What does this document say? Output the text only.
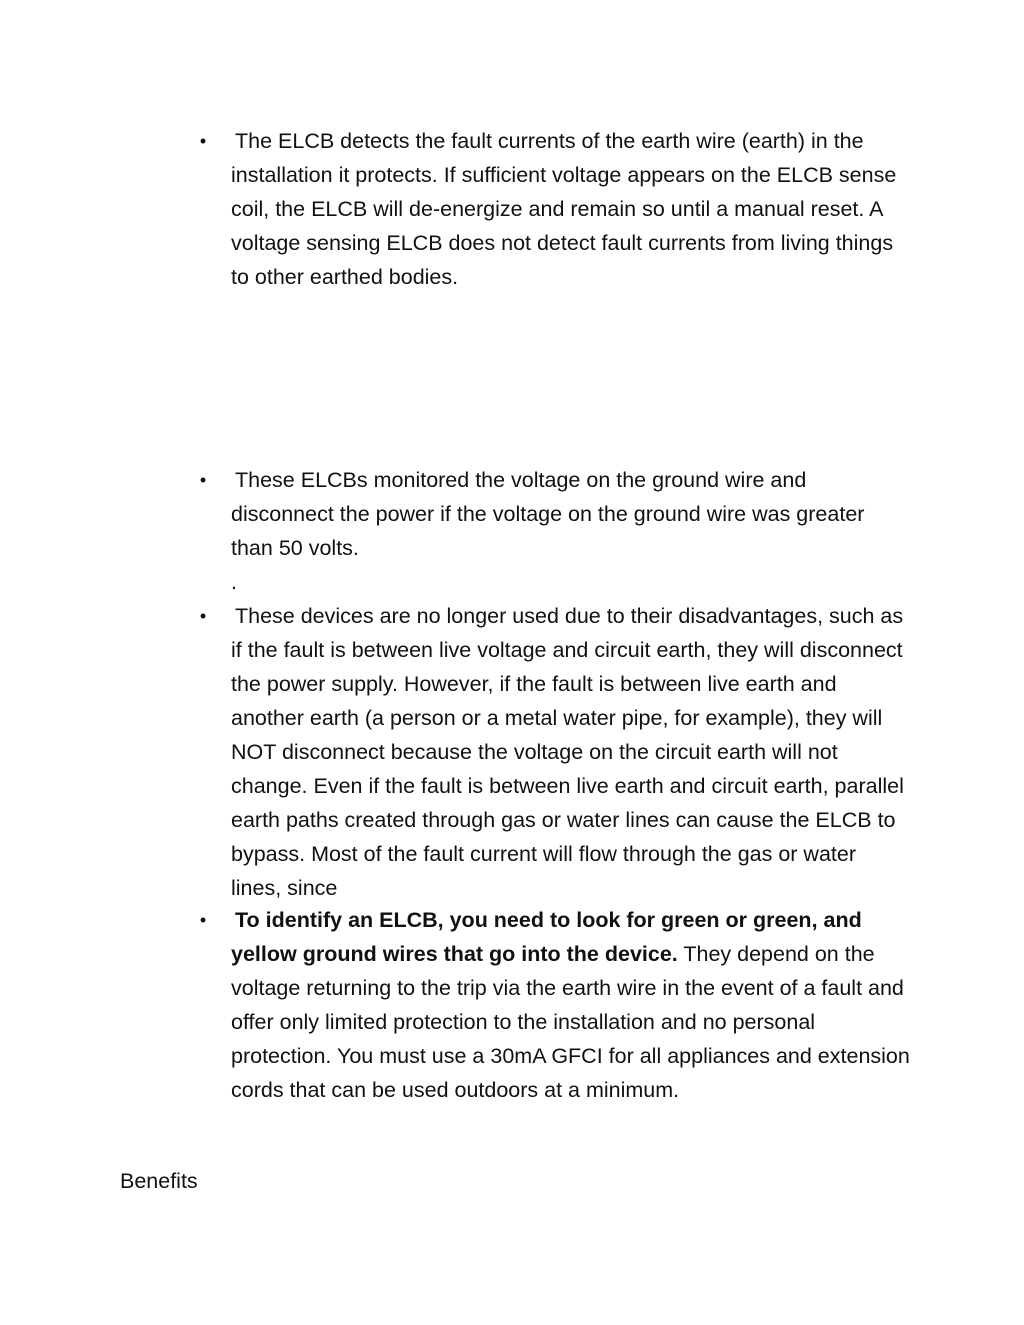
• The ELCB detects the fault currents of the earth wire (earth) in the installation it protects. If sufficient voltage appears on the ELCB sense coil, the ELCB will de-energize and remain so until a manual reset. A voltage sensing ELCB does not detect fault currents from living things to other earthed bodies.
• These ELCBs monitored the voltage on the ground wire and disconnect the power if the voltage on the ground wire was greater than 50 volts.
.
• These devices are no longer used due to their disadvantages, such as if the fault is between live voltage and circuit earth, they will disconnect the power supply. However, if the fault is between live earth and another earth (a person or a metal water pipe, for example), they will NOT disconnect because the voltage on the circuit earth will not change. Even if the fault is between live earth and circuit earth, parallel earth paths created through gas or water lines can cause the ELCB to bypass. Most of the fault current will flow through the gas or water lines, since
• To identify an ELCB, you need to look for green or green, and yellow ground wires that go into the device. They depend on the voltage returning to the trip via the earth wire in the event of a fault and offer only limited protection to the installation and no personal protection. You must use a 30mA GFCI for all appliances and extension cords that can be used outdoors at a minimum.
Benefits
